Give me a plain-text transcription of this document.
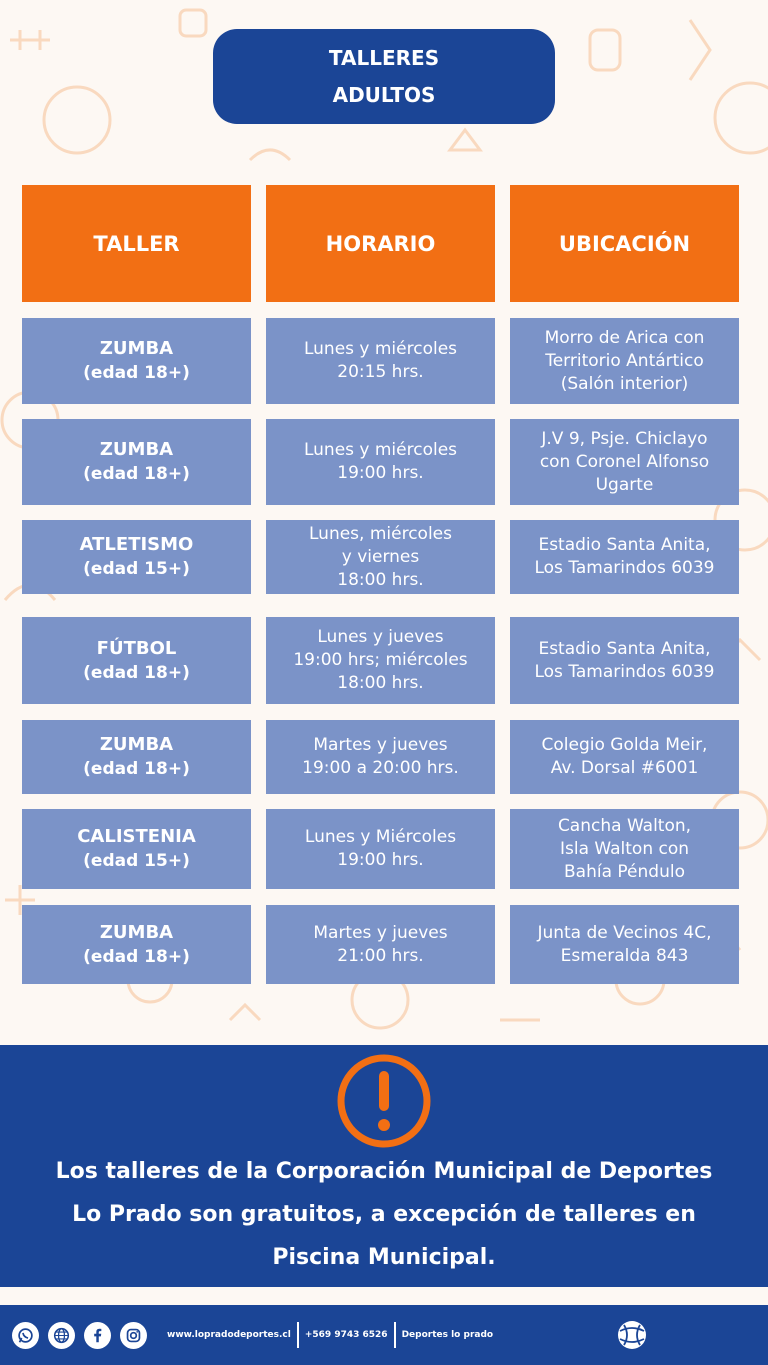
TALLERES
ADULTOS
TALLER	HORARIO	UBICACIÓN
ZUMBA
(edad 18+)
Lunes y miércoles
20:15 hrs.
Morro de Arica con
Territorio Antártico
(Salón interior)
ZUMBA
(edad 18+)
Lunes y miércoles
19:00 hrs.
J.V 9, Psje. Chiclayo
con Coronel Alfonso
Ugarte
ATLETISMO
(edad 15+)
Lunes, miércoles
y viernes
18:00 hrs.
Estadio Santa Anita,
Los Tamarindos 6039
FÚTBOL
(edad 18+)
Lunes y jueves
19:00 hrs; miércoles
18:00 hrs.
Estadio Santa Anita,
Los Tamarindos 6039
ZUMBA
(edad 18+)
Martes y jueves
19:00 a 20:00 hrs.
Colegio Golda Meir,
Av. Dorsal #6001
CALISTENIA
(edad 15+)
Lunes y Miércoles
19:00 hrs.
Cancha Walton,
Isla Walton con
Bahía Péndulo
ZUMBA
(edad 18+)
Martes y jueves
21:00 hrs.
Junta de Vecinos 4C,
Esmeralda 843
Los talleres de la Corporación Municipal de Deportes
Lo Prado son gratuitos, a excepción de talleres en
Piscina Municipal.
www.lopradodeportes.cl +569 9743 6526 Deportes lo prado
